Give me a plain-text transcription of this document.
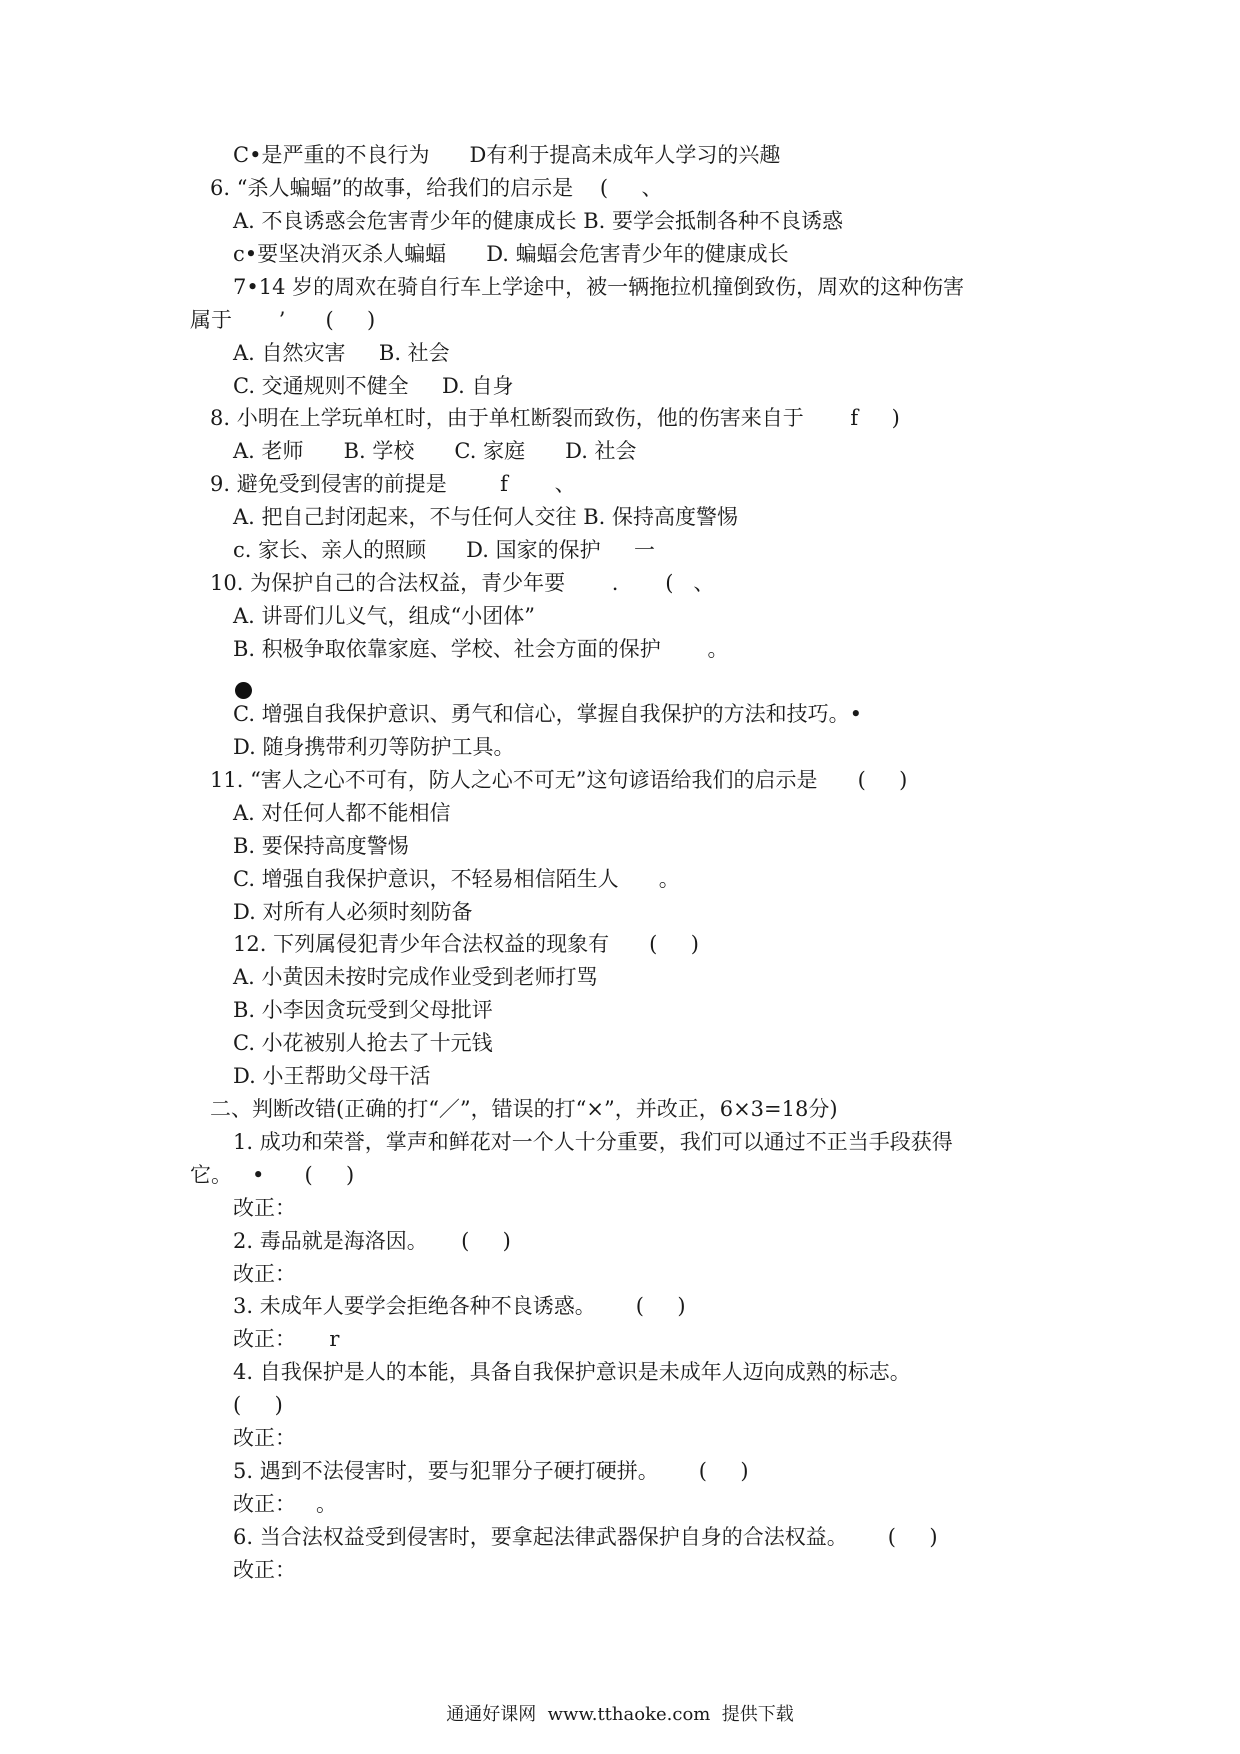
C•是严重的不良行为      D有利于提高未成年人学习的兴趣
6. “杀人蝙蝠”的故事，给我们的启示是    (     、
A. 不良诱惑会危害青少年的健康成长 B. 要学会抵制各种不良诱惑
c•要坚决消灭杀人蝙蝠      D. 蝙蝠会危害青少年的健康成长
7•14 岁的周欢在骑自行车上学途中，被一辆拖拉机撞倒致伤，周欢的这种伤害
属于       ’      (     )
A. 自然灾害     B. 社会
C. 交通规则不健全     D. 自身
8. 小明在上学玩单杠时，由于单杠断裂而致伤，他的伤害来自于       f     )
A. 老师      B. 学校      C. 家庭      D. 社会
9. 避免受到侵害的前提是        f       、
A. 把自己封闭起来，不与任何人交往 B. 保持高度警惕
c. 家长、亲人的照顾      D. 国家的保护     一
10. 为保护自己的合法权益，青少年要       .       (   、
A. 讲哥们儿义气，组成“小团体”
B. 积极争取依靠家庭、学校、社会方面的保护       。
C. 增强自我保护意识、勇气和信心，掌握自我保护的方法和技巧。•
D. 随身携带利刃等防护工具。
11. “害人之心不可有，防人之心不可无”这句谚语给我们的启示是      (     )
A. 对任何人都不能相信
B. 要保持高度警惕
C. 增强自我保护意识，不轻易相信陌生人      。
D. 对所有人必须时刻防备
12. 下列属侵犯青少年合法权益的现象有      (     )
A. 小黄因未按时完成作业受到老师打骂
B. 小李因贪玩受到父母批评
C. 小花被别人抢去了十元钱
D. 小王帮助父母干活
二、判断改错(正确的打“／”，错误的打“×”，并改正，6×3=18分)
1. 成功和荣誉，掌声和鲜花对一个人十分重要，我们可以通过不正当手段获得
它。   •      (     )
改正：
2. 毒品就是海洛因。     (     )
改正：
3. 未成年人要学会拒绝各种不良诱惑。      (     )
改正：     r
4. 自我保护是人的本能，具备自我保护意识是未成年人迈向成熟的标志。
(     )
改正：
5. 遇到不法侵害时，要与犯罪分子硬打硬拼。      (     )
改正：   。
6. 当合法权益受到侵害时，要拿起法律武器保护自身的合法权益。      (     )
改正：
通通好课网  www.tthaoke.com  提供下载
